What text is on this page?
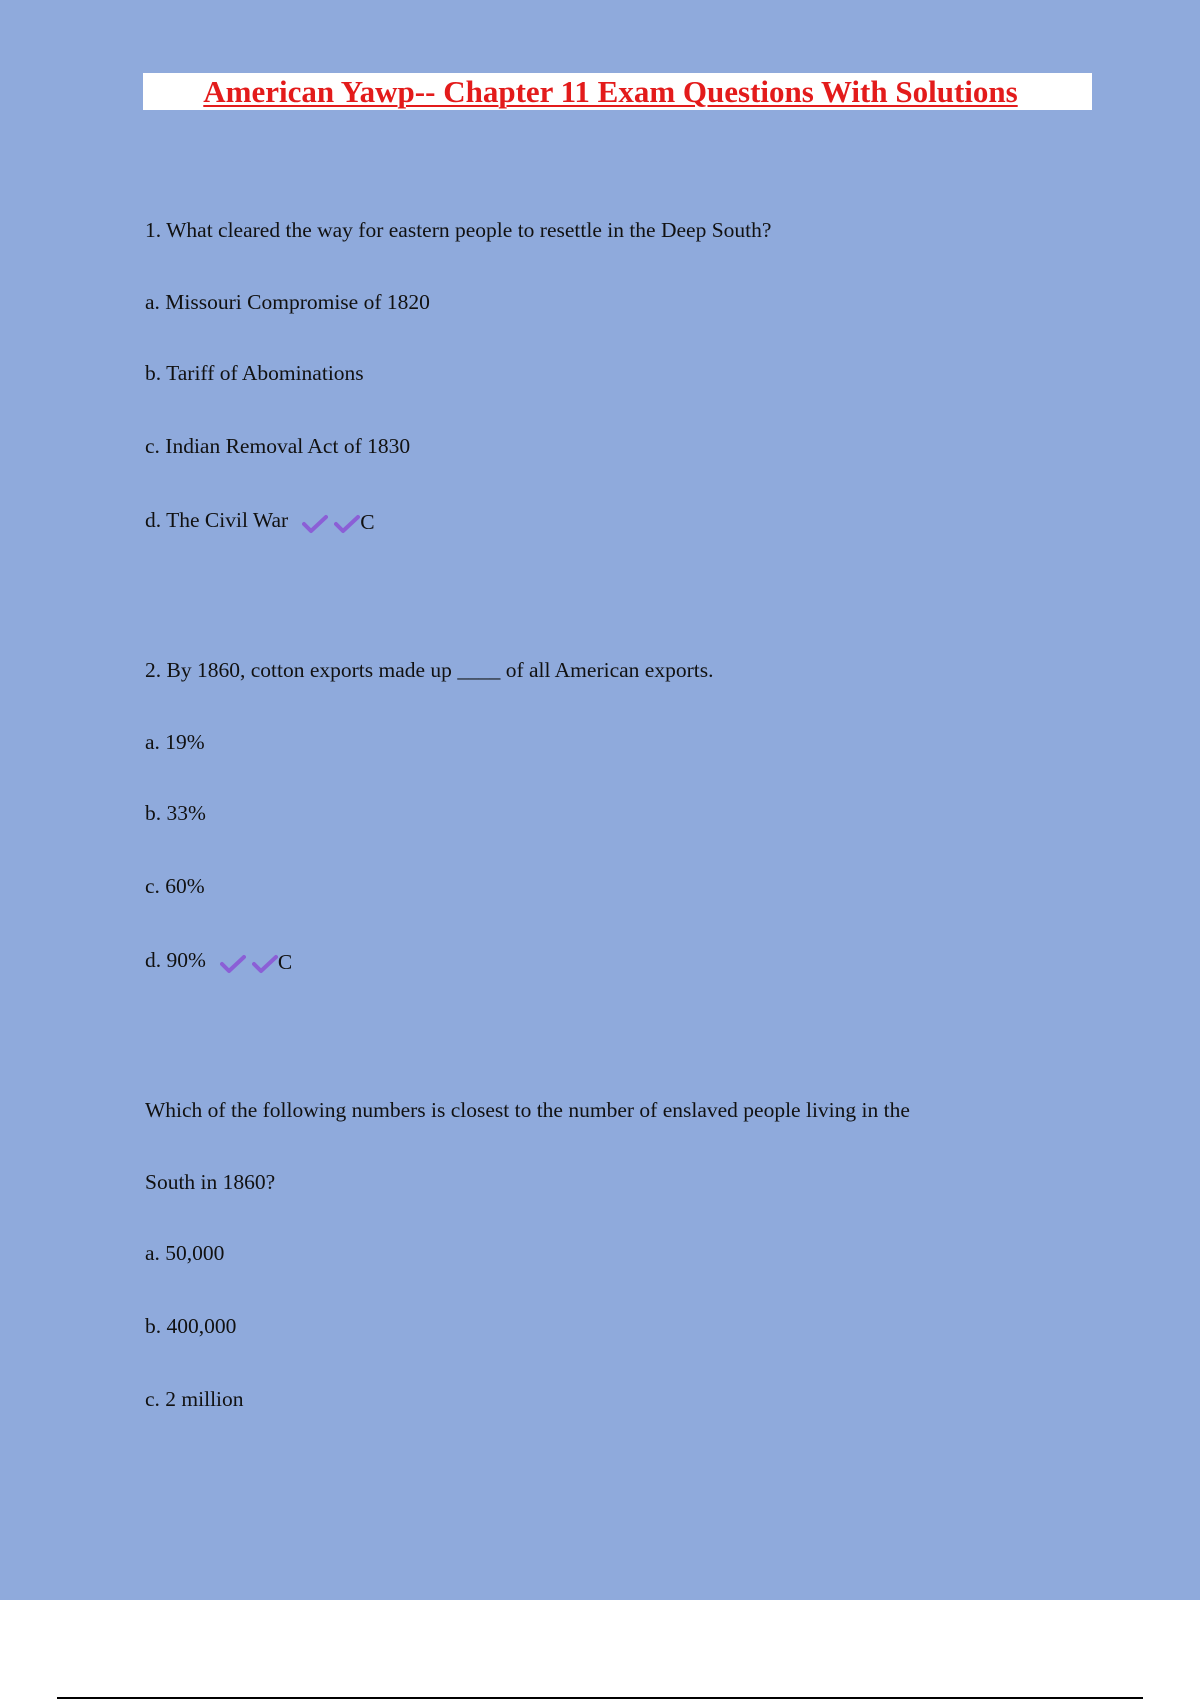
American Yawp-- Chapter 11 Exam Questions With Solutions
1. What cleared the way for eastern people to resettle in the Deep South?
a. Missouri Compromise of 1820
b. Tariff of Abominations
c. Indian Removal Act of 1830
d. The Civil War	C
2. By 1860, cotton exports made up ____ of all American exports.
a. 19%
b. 33%
c. 60%
d. 90%	C
Which of the following numbers is closest to the number of enslaved people living in the
South in 1860?
a. 50,000
b. 400,000
c. 2 million
